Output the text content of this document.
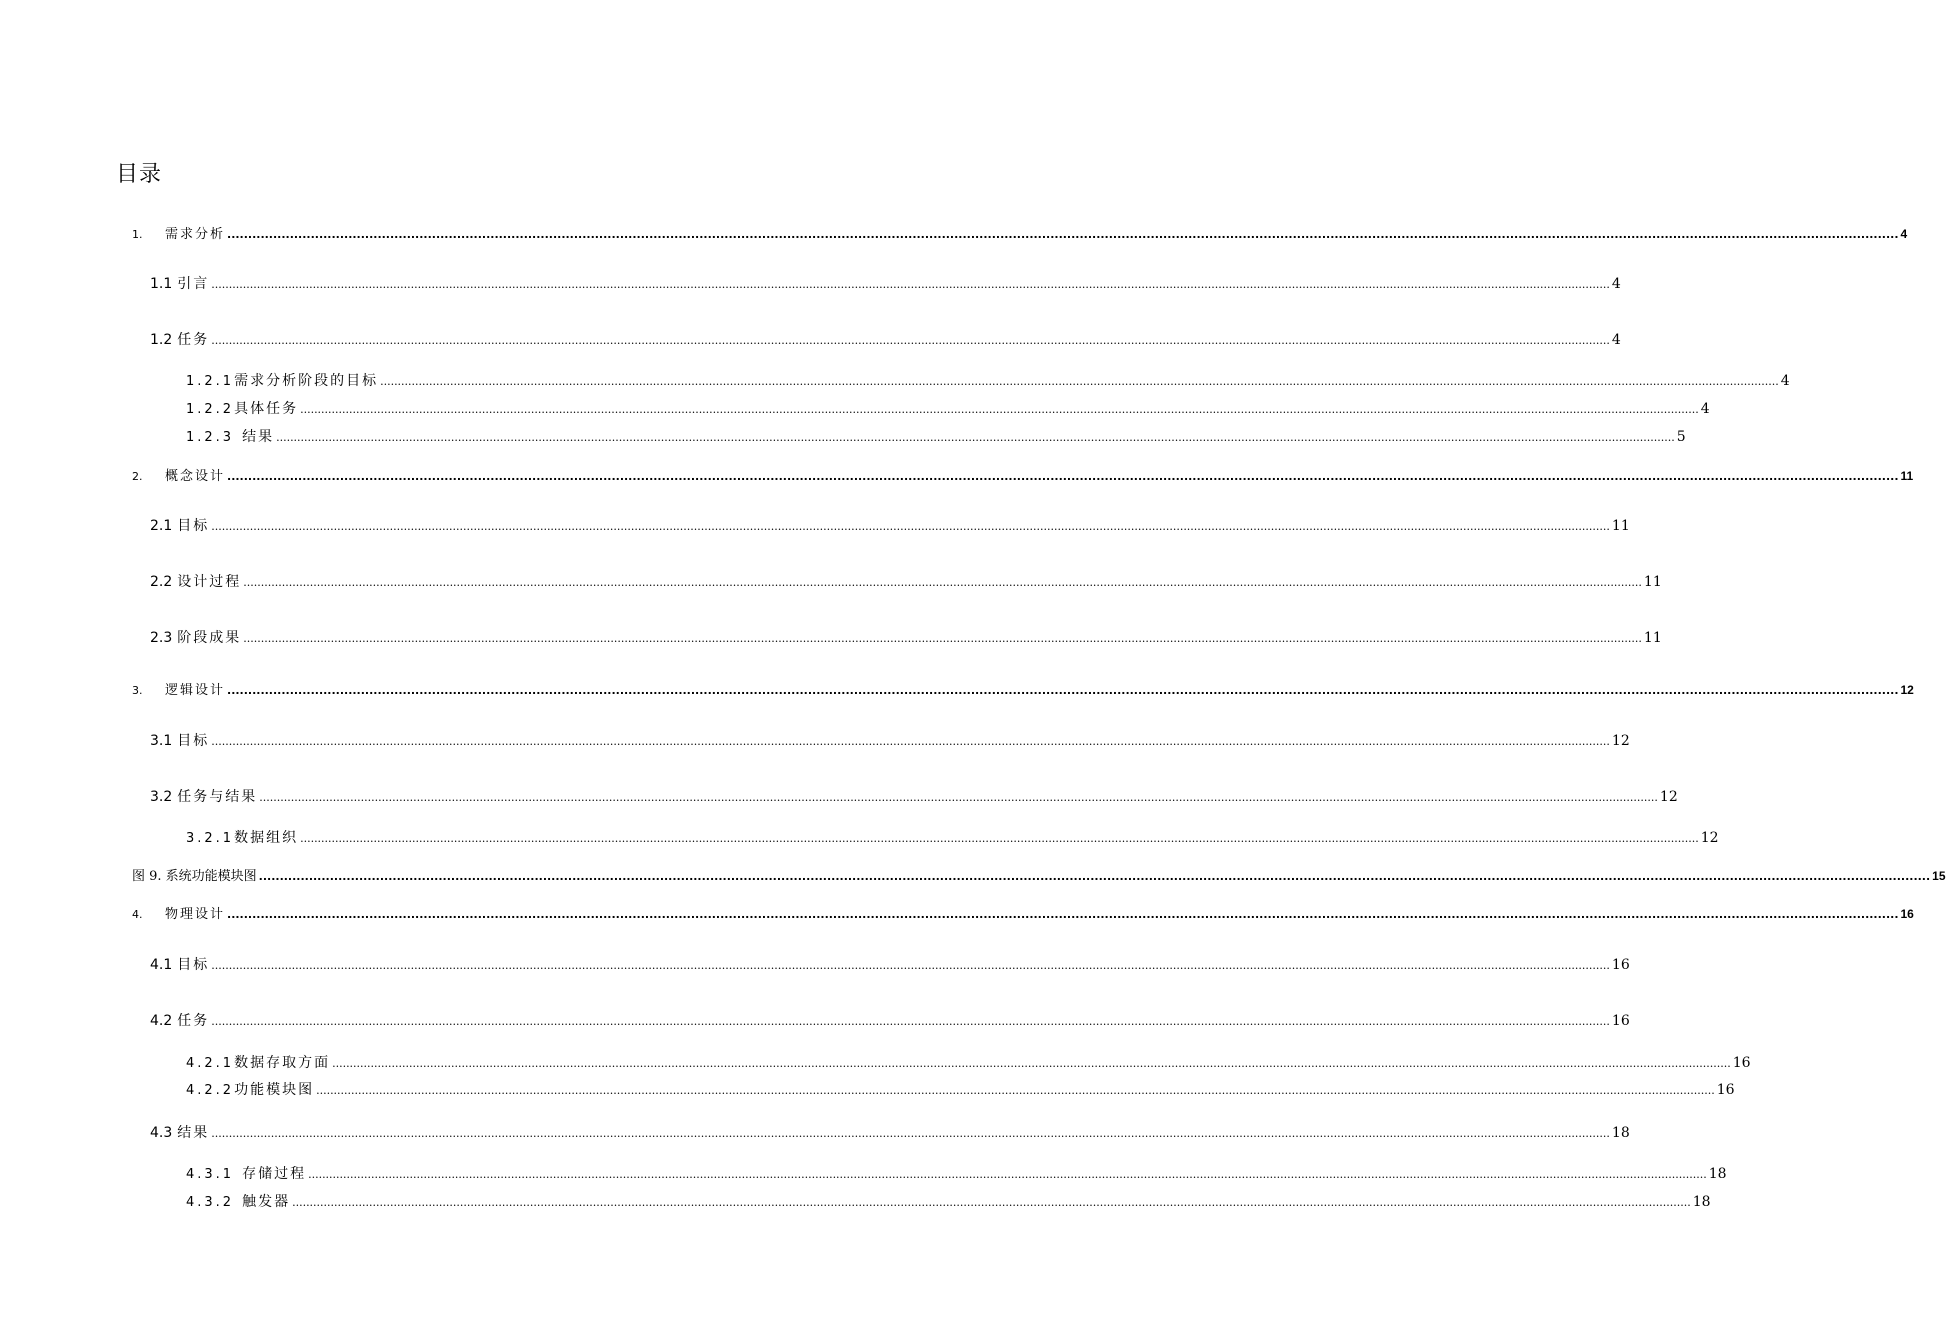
目录
1. 需求分析 ................................................................................................................................................................................................................................................................................................................................................................................................................ 4
1.1 引言 ................................................................................................................................................................................................................................................................................................................................................................................................................ 4
1.2 任务 ................................................................................................................................................................................................................................................................................................................................................................................................................ 4
1.2.1需求分析阶段的目标 ................................................................................................................................................................................................................................................................................................................................................................................................................ 4
1.2.2具体任务 ................................................................................................................................................................................................................................................................................................................................................................................................................ 4
1.2.3 结果 ................................................................................................................................................................................................................................................................................................................................................................................................................ 5
2. 概念设计 ................................................................................................................................................................................................................................................................................................................................................................................................................ 11
2.1 目标 ................................................................................................................................................................................................................................................................................................................................................................................................................ 11
2.2 设计过程 ................................................................................................................................................................................................................................................................................................................................................................................................................ 11
2.3 阶段成果 ................................................................................................................................................................................................................................................................................................................................................................................................................ 11
3. 逻辑设计 ................................................................................................................................................................................................................................................................................................................................................................................................................ 12
3.1 目标 ................................................................................................................................................................................................................................................................................................................................................................................................................ 12
3.2 任务与结果 ................................................................................................................................................................................................................................................................................................................................................................................................................ 12
3.2.1数据组织 ................................................................................................................................................................................................................................................................................................................................................................................................................ 12
图 9. 系统功能模块图 ................................................................................................................................................................................................................................................................................................................................................................................................................ 15
4. 物理设计 ................................................................................................................................................................................................................................................................................................................................................................................................................ 16
4.1 目标 ................................................................................................................................................................................................................................................................................................................................................................................................................ 16
4.2 任务 ................................................................................................................................................................................................................................................................................................................................................................................................................ 16
4.2.1数据存取方面 ................................................................................................................................................................................................................................................................................................................................................................................................................ 16
4.2.2功能模块图 ................................................................................................................................................................................................................................................................................................................................................................................................................ 16
4.3 结果 ................................................................................................................................................................................................................................................................................................................................................................................................................ 18
4.3.1 存储过程 ................................................................................................................................................................................................................................................................................................................................................................................................................ 18
4.3.2 触发器 ................................................................................................................................................................................................................................................................................................................................................................................................................ 18
